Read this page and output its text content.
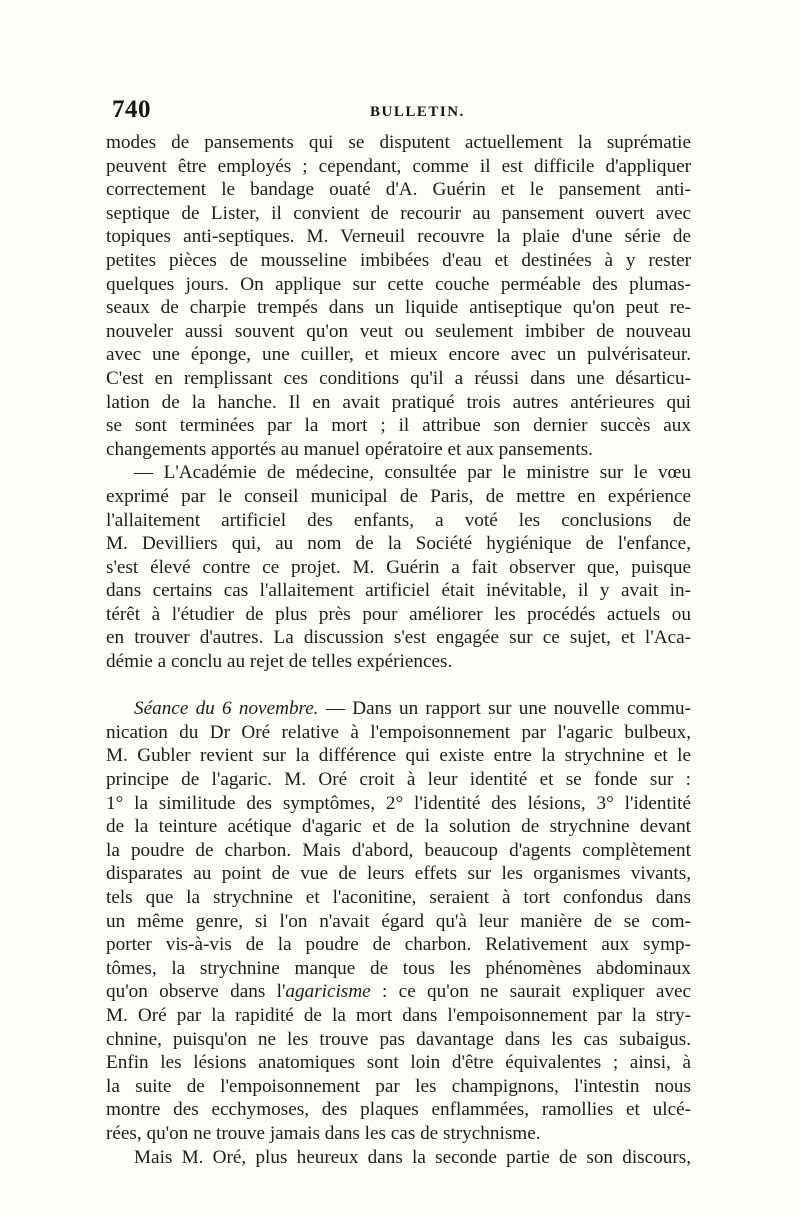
740	BULLETIN.
modes de pansements qui se disputent actuellement la suprématie
peuvent être employés ; cependant, comme il est difficile d'appliquer
correctement le bandage ouaté d'A. Guérin et le pansement anti-
septique de Lister, il convient de recourir au pansement ouvert avec
topiques anti-septiques. M. Verneuil recouvre la plaie d'une série de
petites pièces de mousseline imbibées d'eau et destinées à y rester
quelques jours. On applique sur cette couche perméable des plumas-
seaux de charpie trempés dans un liquide antiseptique qu'on peut re-
nouveler aussi souvent qu'on veut ou seulement imbiber de nouveau
avec une éponge, une cuiller, et mieux encore avec un pulvérisateur.
C'est en remplissant ces conditions qu'il a réussi dans une désarticu-
lation de la hanche. Il en avait pratiqué trois autres antérieures qui
se sont terminées par la mort ; il attribue son dernier succès aux
changements apportés au manuel opératoire et aux pansements.
— L'Académie de médecine, consultée par le ministre sur le vœu
exprimé par le conseil municipal de Paris, de mettre en expérience
l'allaitement artificiel des enfants, a voté les conclusions de
M. Devilliers qui, au nom de la Société hygiénique de l'enfance,
s'est élevé contre ce projet. M. Guérin a fait observer que, puisque
dans certains cas l'allaitement artificiel était inévitable, il y avait in-
térêt à l'étudier de plus près pour améliorer les procédés actuels ou
en trouver d'autres. La discussion s'est engagée sur ce sujet, et l'Aca-
démie a conclu au rejet de telles expériences.
Séance du 6 novembre. — Dans un rapport sur une nouvelle commu-
nication du Dr Oré relative à l'empoisonnement par l'agaric bulbeux,
M. Gubler revient sur la différence qui existe entre la strychnine et le
principe de l'agaric. M. Oré croit à leur identité et se fonde sur :
1° la similitude des symptômes, 2° l'identité des lésions, 3° l'identité
de la teinture acétique d'agaric et de la solution de strychnine devant
la poudre de charbon. Mais d'abord, beaucoup d'agents complètement
disparates au point de vue de leurs effets sur les organismes vivants,
tels que la strychnine et l'aconitine, seraient à tort confondus dans
un même genre, si l'on n'avait égard qu'à leur manière de se com-
porter vis-à-vis de la poudre de charbon. Relativement aux symp-
tômes, la strychnine manque de tous les phénomènes abdominaux
qu'on observe dans l'agaricisme : ce qu'on ne saurait expliquer avec
M. Oré par la rapidité de la mort dans l'empoisonnement par la stry-
chnine, puisqu'on ne les trouve pas davantage dans les cas subaigus.
Enfin les lésions anatomiques sont loin d'être équivalentes ; ainsi, à
la suite de l'empoisonnement par les champignons, l'intestin nous
montre des ecchymoses, des plaques enflammées, ramollies et ulcé-
rées, qu'on ne trouve jamais dans les cas de strychnisme.
Mais M. Oré, plus heureux dans la seconde partie de son discours,
